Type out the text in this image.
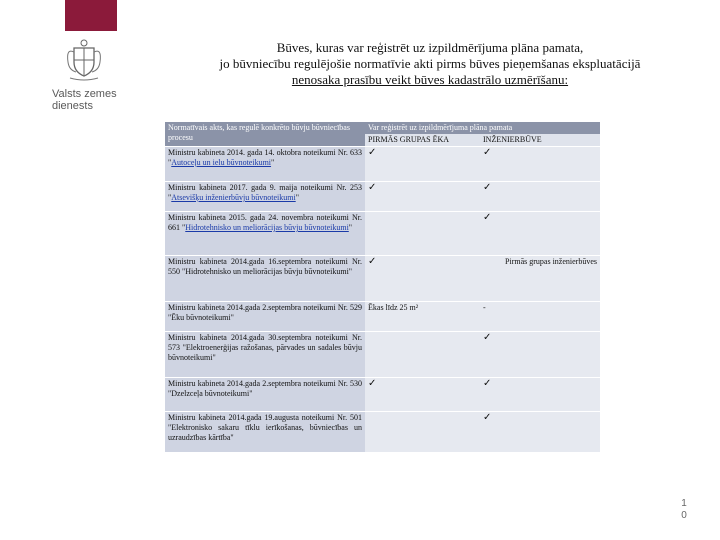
Valsts zemes
dienests
Būves, kuras var reģistrēt uz izpildmērījuma plāna pamata,
jo būvniecību regulējošie normatīvie akti pirms būves pieņemšanas ekspluatācijā
nenosaka prasību veikt būves kadastrālo uzmērīšanu:
Normatīvais akts, kas regulē konkrēto būvju būvniecības procesu	Var reģistrēt uz izpildmērījuma plāna pamata	
	PIRMĀS GRUPAS ĒKA	INŽENIERBŪVE
Ministru kabineta 2014. gada 14. oktobra noteikumi Nr. 633 "Autoceļu un ielu būvnoteikumi"	✓	✓
Ministru kabineta 2017. gada 9. maija noteikumi Nr. 253 "Atsevišķu inženierbūvju būvnoteikumi"	✓	✓
Ministru kabineta 2015. gada 24. novembra noteikumi Nr. 661 "Hidrotehnisko un meliorācijas būvju būvnoteikumi"		✓
Ministru kabineta 2014.gada 16.septembra noteikumi Nr. 550 "Hidrotehnisko un meliorācijas būvju būvnoteikumi"	✓	Pirmās grupas inženierbūves

Ministru kabineta 2014.gada 2.septembra noteikumi Nr. 529 "Ēku būvnoteikumi"	Ēkas līdz 25 m²	-
Ministru kabineta 2014.gada 30.septembra noteikumi Nr. 573 "Elektroenerģijas ražošanas, pārvades un sadales būvju būvnoteikumi"		✓
Ministru kabineta 2014.gada 2.septembra noteikumi Nr. 530 "Dzelzceļa būvnoteikumi"	✓	✓
Ministru kabineta 2014.gada 19.augusta noteikumi Nr. 501 "Elektronisko sakaru tīklu ierīkošanas, būvniecības un uzraudzības kārtība"		✓
1
0
